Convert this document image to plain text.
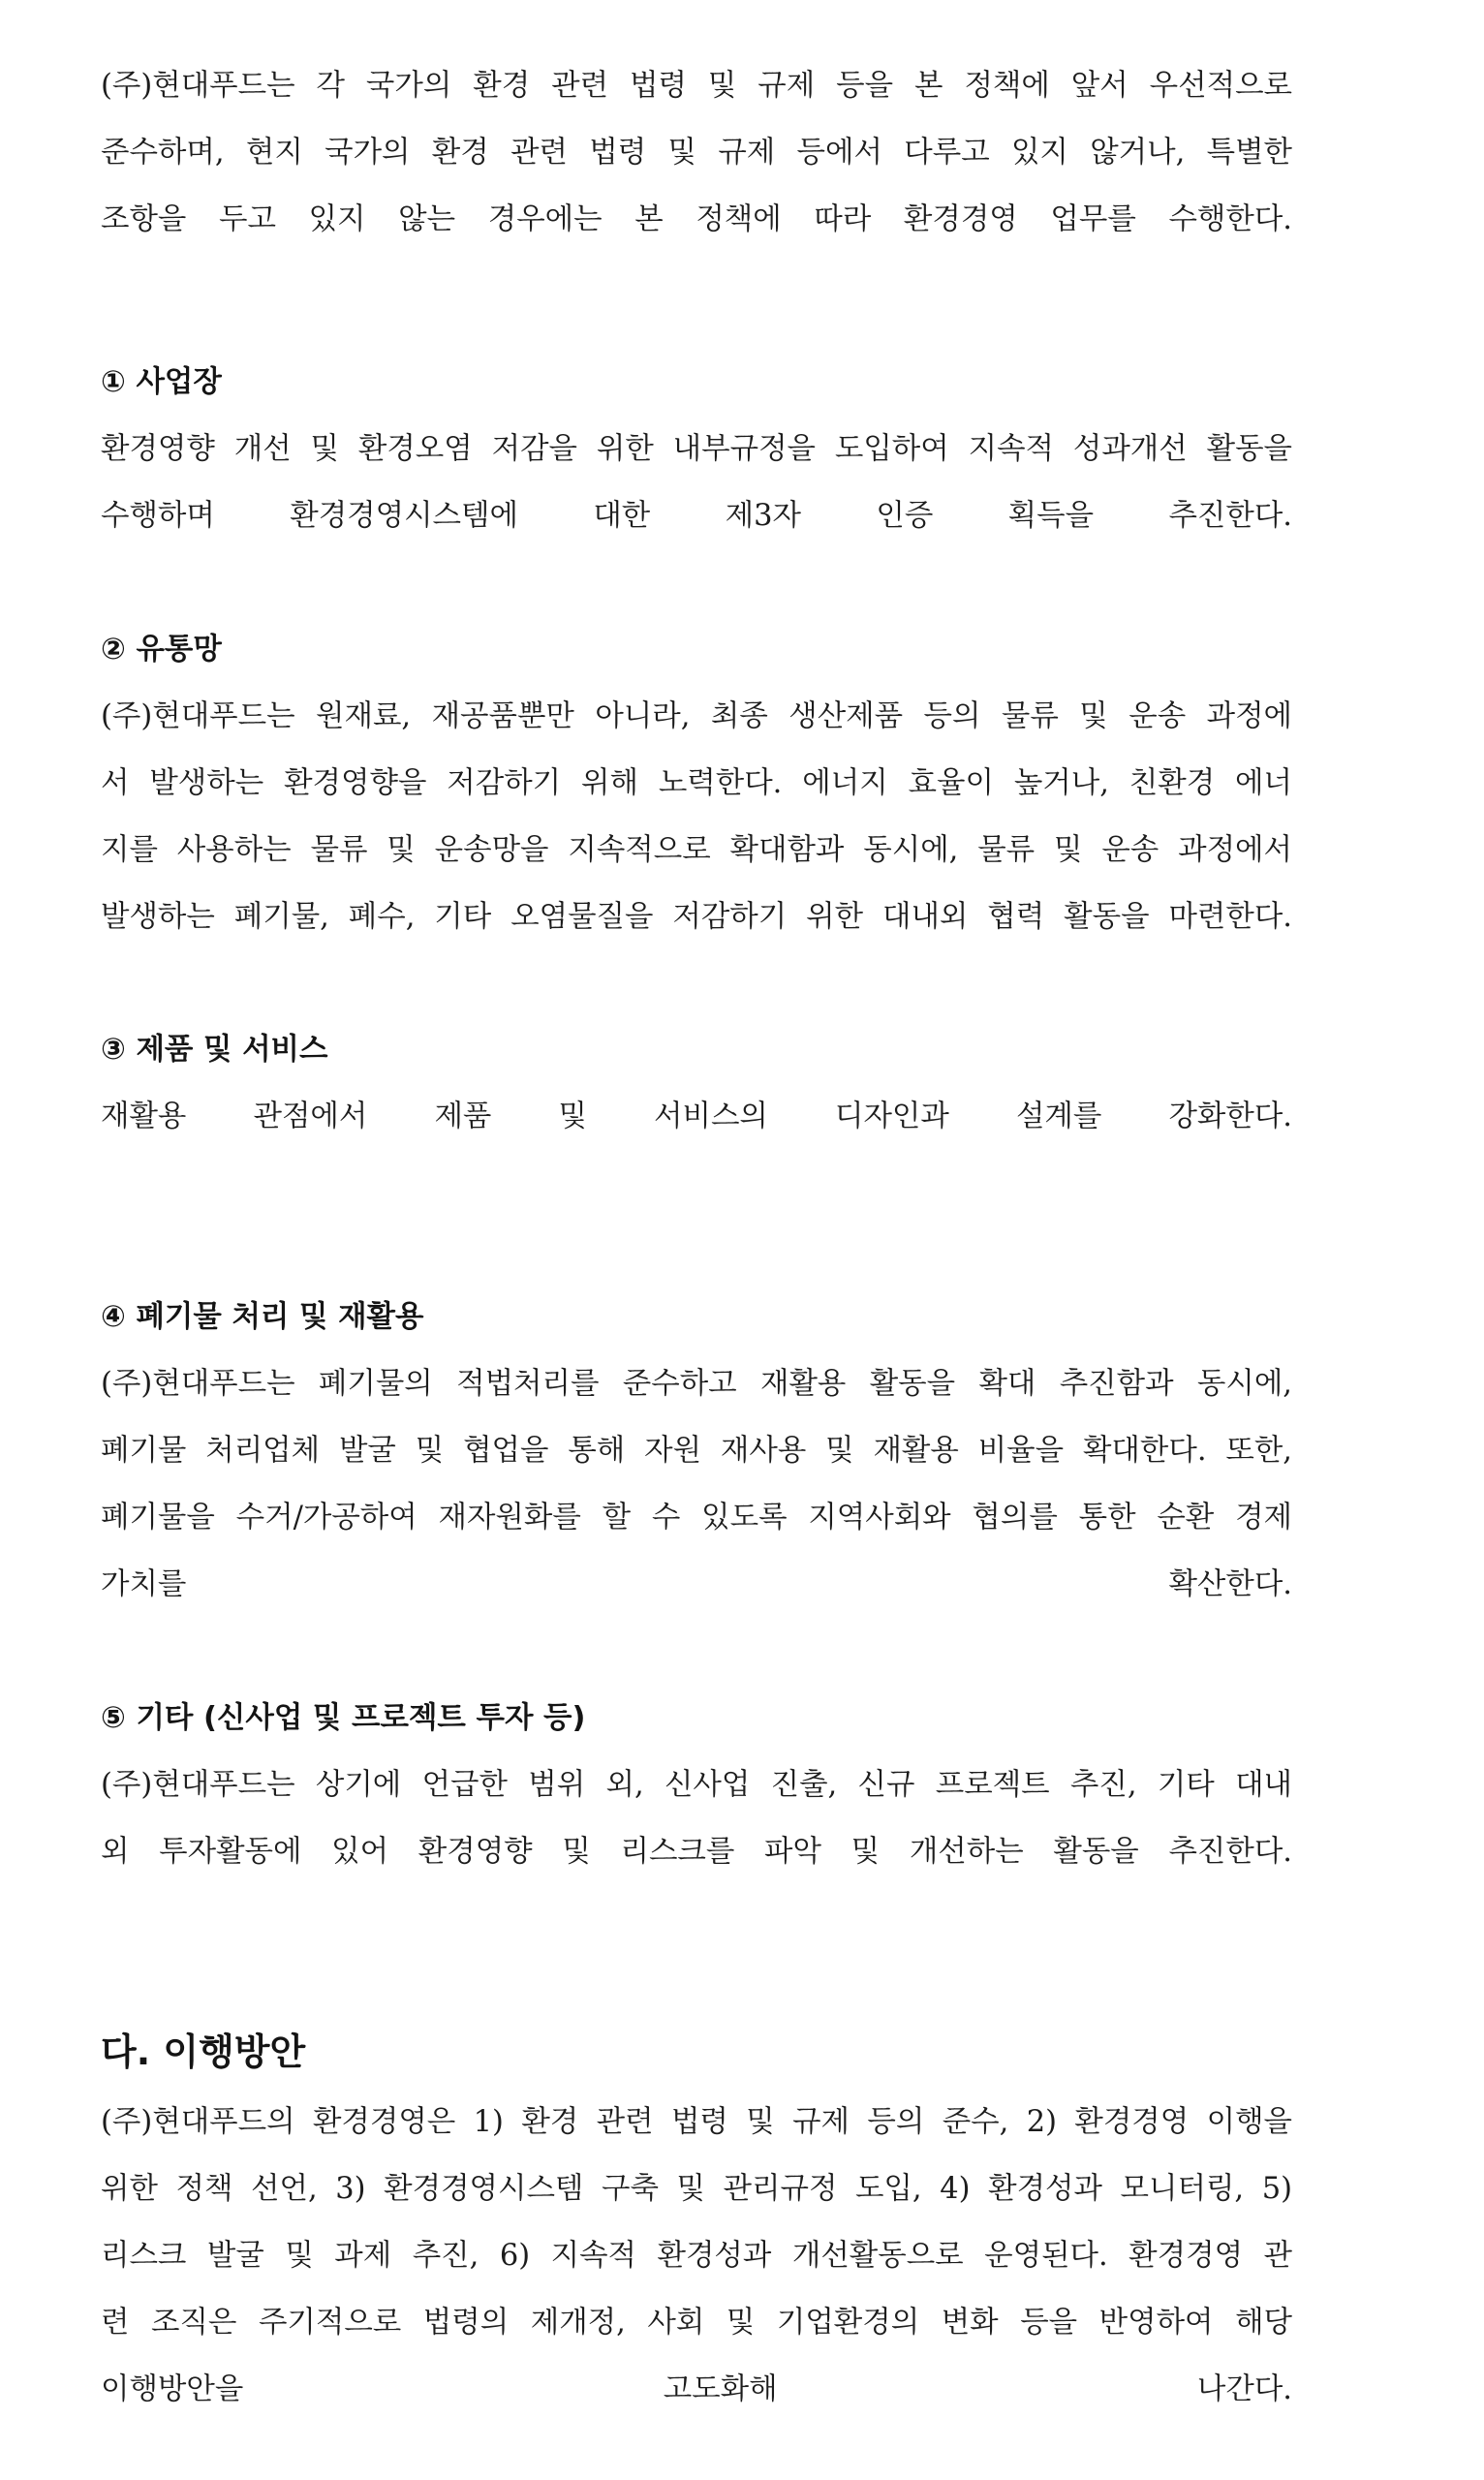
(주)현대푸드는 각 국가의 환경 관련 법령 및 규제 등을 본 정책에 앞서 우선적으로
준수하며, 현지 국가의 환경 관련 법령 및 규제 등에서 다루고 있지 않거나, 특별한
조항을 두고 있지 않는 경우에는 본 정책에 따라 환경경영 업무를 수행한다.
① 사업장
환경영향 개선 및 환경오염 저감을 위한 내부규정을 도입하여 지속적 성과개선 활동을
수행하며 환경경영시스템에 대한 제3자 인증 획득을 추진한다.
② 유통망
(주)현대푸드는 원재료, 재공품뿐만 아니라, 최종 생산제품 등의 물류 및 운송 과정에
서 발생하는 환경영향을 저감하기 위해 노력한다. 에너지 효율이 높거나, 친환경 에너
지를 사용하는 물류 및 운송망을 지속적으로 확대함과 동시에, 물류 및 운송 과정에서
발생하는 폐기물, 폐수, 기타 오염물질을 저감하기 위한 대내외 협력 활동을 마련한다.
③ 제품 및 서비스
재활용 관점에서 제품 및 서비스의 디자인과 설계를 강화한다.
④ 폐기물 처리 및 재활용
(주)현대푸드는 폐기물의 적법처리를 준수하고 재활용 활동을 확대 추진함과 동시에,
폐기물 처리업체 발굴 및 협업을 통해 자원 재사용 및 재활용 비율을 확대한다. 또한,
폐기물을 수거/가공하여 재자원화를 할 수 있도록 지역사회와 협의를 통한 순환 경제
가치를 확산한다.
⑤ 기타 (신사업 및 프로젝트 투자 등)
(주)현대푸드는 상기에 언급한 범위 외, 신사업 진출, 신규 프로젝트 추진, 기타 대내
외 투자활동에 있어 환경영향 및 리스크를 파악 및 개선하는 활동을 추진한다.
다. 이행방안
(주)현대푸드의 환경경영은 1) 환경 관련 법령 및 규제 등의 준수, 2) 환경경영 이행을
위한 정책 선언, 3) 환경경영시스템 구축 및 관리규정 도입, 4) 환경성과 모니터링, 5)
리스크 발굴 및 과제 추진, 6) 지속적 환경성과 개선활동으로 운영된다. 환경경영 관
련 조직은 주기적으로 법령의 제개정, 사회 및 기업환경의 변화 등을 반영하여 해당
이행방안을 고도화해 나간다.
